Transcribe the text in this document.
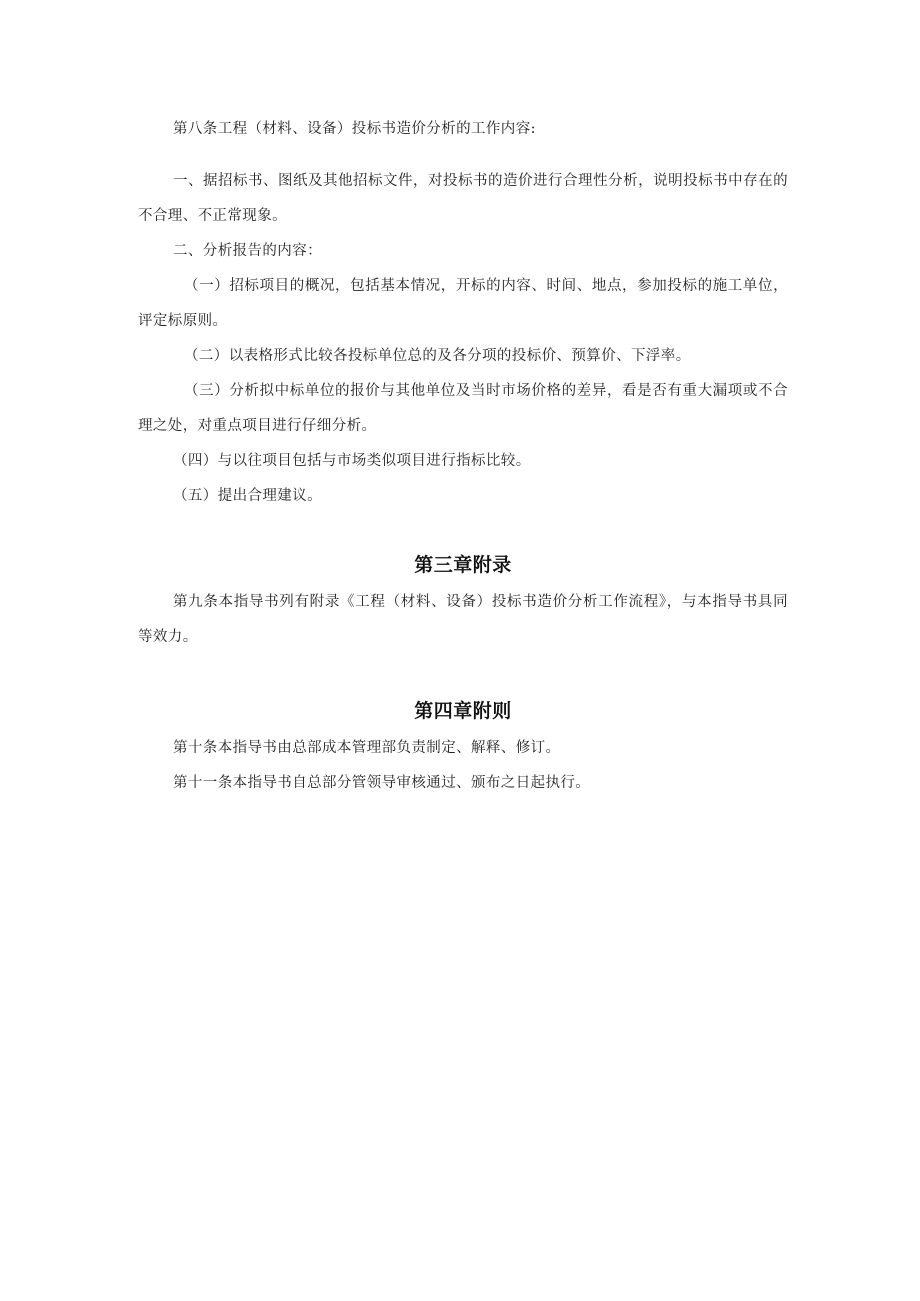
第八条工程（材料、设备）投标书造价分析的工作内容:

一、据招标书、图纸及其他招标文件，对投标书的造价进行合理性分析，说明投标书中存在的不合理、不正常现象。

二、分析报告的内容：

（一）招标项目的概况，包括基本情况，开标的内容、时间、地点，参加投标的施工单位，评定标原则。

（二）以表格形式比较各投标单位总的及各分项的投标价、预算价、下浮率。

（三）分析拟中标单位的报价与其他单位及当时市场价格的差异，看是否有重大漏项或不合理之处，对重点项目进行仔细分析。

（四）与以往项目包括与市场类似项目进行指标比较。

（五）提出合理建议。

第三章附录

第九条本指导书列有附录《工程（材料、设备）投标书造价分析工作流程》，与本指导书具同等效力。

第四章附则

第十条本指导书由总部成本管理部负责制定、解释、修订。

第十一条本指导书自总部分管领导审核通过、颁布之日起执行。
